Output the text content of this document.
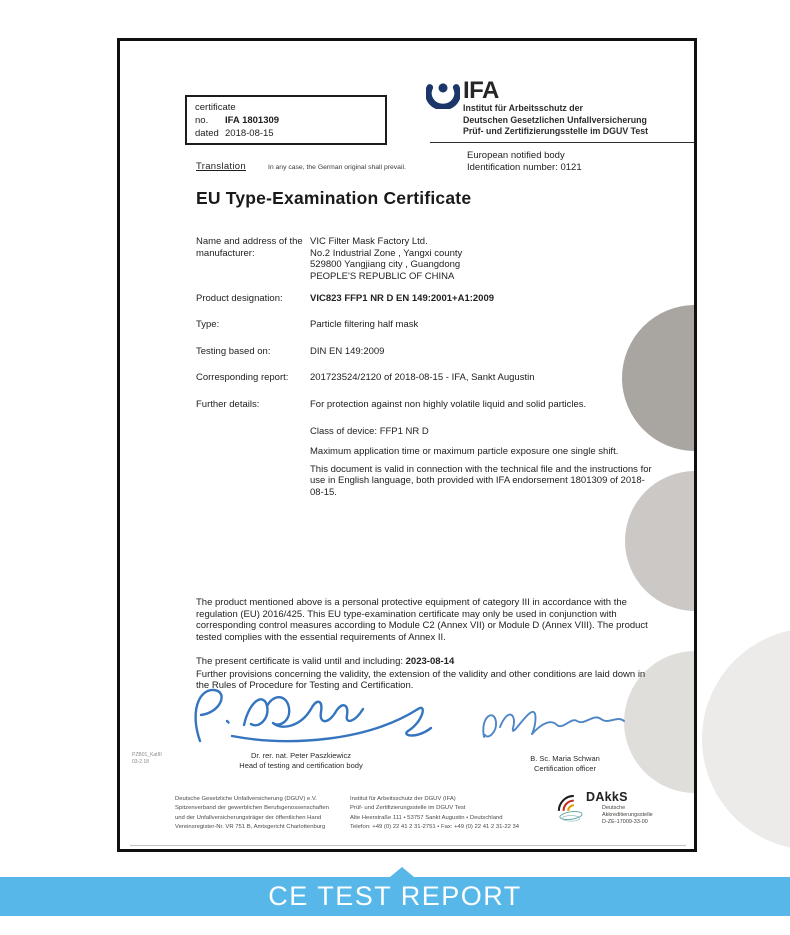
certificate
no. IFA 1801309
dated 2018-08-15
IFA
Institut für Arbeitsschutz der
Deutschen Gesetzlichen Unfallversicherung
Prüf- und Zertifizierungsstelle im DGUV Test
European notified body
Identification number: 0121
Translation	In any case, the German original shall prevail.
EU Type-Examination Certificate
Name and address of the manufacturer:

VIC Filter Mask Factory Ltd.

No.2 Industrial Zone , Yangxi county

529800 Yangjiang city , Guangdong

PEOPLE'S REPUBLIC OF CHINA

Product designation:	VIC823 FFP1 NR D EN 149:2001+A1:2009
Type:	Particle filtering half mask
Testing based on:	DIN EN 149:2009
Corresponding report:	201723524/2120 of 2018-08-15 - IFA, Sankt Augustin
Further details:	For protection against non highly volatile liquid and solid particles.

Class of device: FFP1 NR D

Maximum application time or maximum particle exposure one single shift.

This document is valid in connection with the technical file and the instructions for use in English language, both provided with IFA endorsement 1801309 of 2018-08-15.

The product mentioned above is a personal protective equipment of category III in accordance with the regulation (EU) 2016/425. This EU type-examination certificate may only be used in conjunction with corresponding control measures according to Module C2 (Annex VII) or Module D (Annex VIII). The product tested complies with the essential requirements of Annex II.
The present certificate is valid until and including: 2023-08-14
Further provisions concerning the validity, the extension of the validity and other conditions are laid down in the Rules of Procedure for Testing and Certification.
Dr. rer. nat. Peter Paszkiewicz
Head of testing and certification body
B. Sc. Maria Schwan
Certification officer
PZB01_KatIII
03-2.18
Deutsche Gesetzliche Unfallversicherung (DGUV) e.V.
Spitzenverband der gewerblichen Berufsgenossenschaften
und der Unfallversicherungsträger der öffentlichen Hand
Vereinsregister-Nr. VR 751 B, Amtsgericht Charlottenburg
Institut für Arbeitsschutz der DGUV (IFA)
Prüf- und Zertifizierungsstelle im DGUV Test
Alte Heerstraße 111 • 53757 Sankt Augustin • Deutschland
Telefon: +49 (0) 22 41 2 31-2751 • Fax: +49 (0) 22 41 2 31-22 34
DAkkS
Deutsche
Akkreditierungsstelle
D-ZE-17009-33-00
CE TEST REPORT
